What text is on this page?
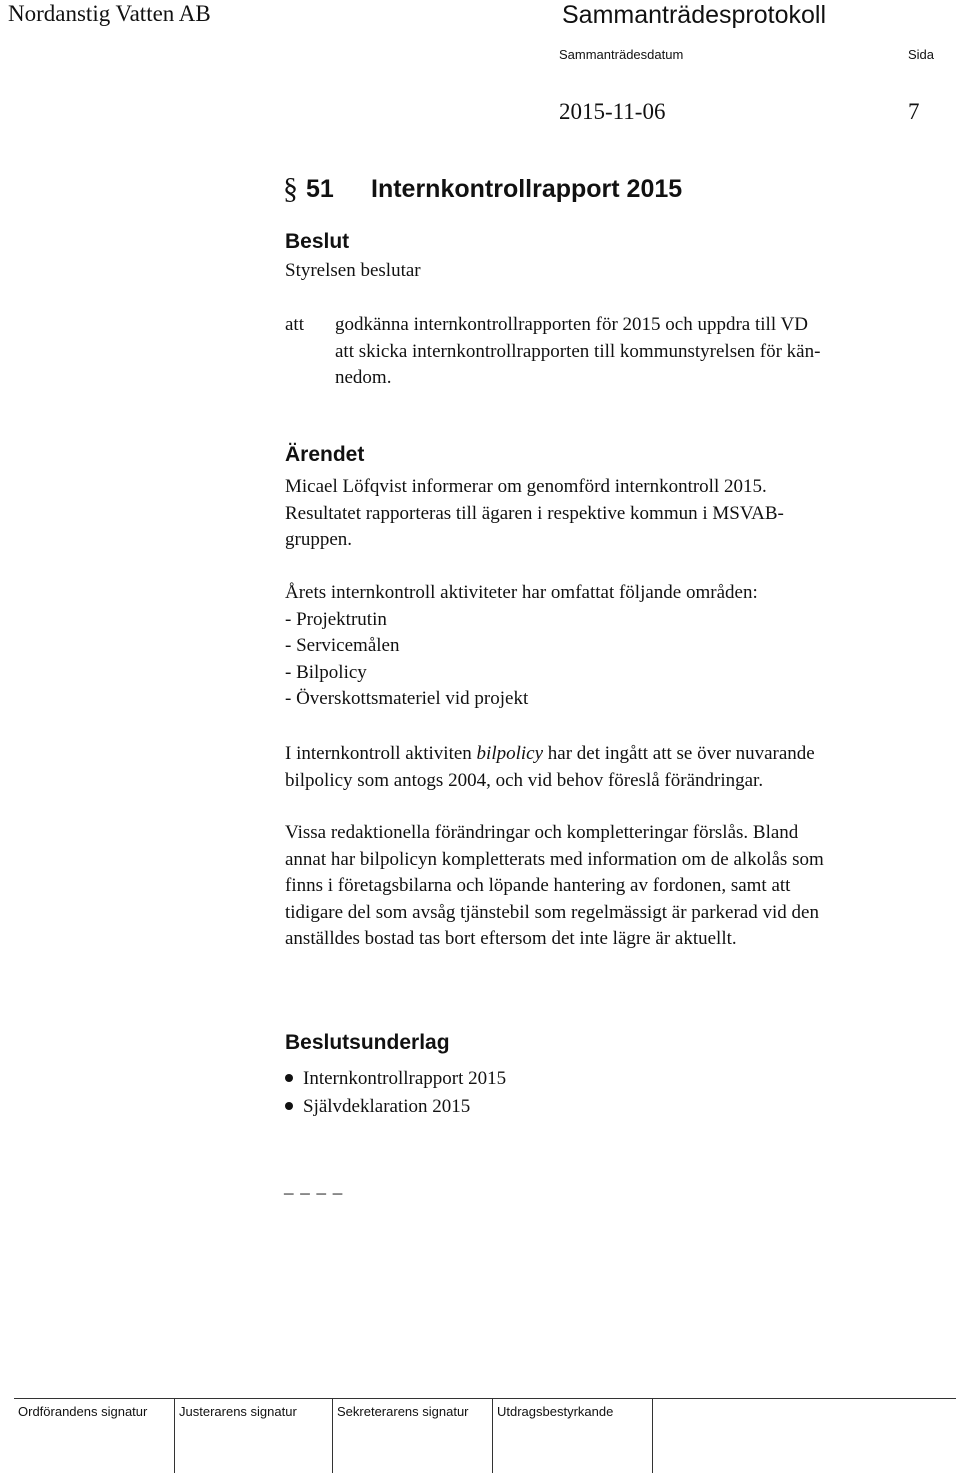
Nordanstig Vatten AB	Sammanträdesprotokoll
Sammanträdesdatum	Sida
2015-11-06	7
§ 51 Internkontrollrapport 2015
Beslut
Styrelsen beslutar
att godkänna internkontrollrapporten för 2015 och uppdra till VD
att skicka internkontrollrapporten till kommunstyrelsen för kän-
nedom.
Ärendet
Micael Löfqvist informerar om genomförd internkontroll 2015.
Resultatet rapporteras till ägaren i respektive kommun i MSVAB-
gruppen.
Årets internkontroll aktiviteter har omfattat följande områden:
- Projektrutin
- Servicemålen
- Bilpolicy
- Överskottsmateriel vid projekt
I internkontroll aktiviten bilpolicy har det ingått att se över nuvarande
bilpolicy som antogs 2004, och vid behov föreslå förändringar.
Vissa redaktionella förändringar och kompletteringar förslås. Bland
annat har bilpolicyn kompletterats med information om de alkolås som
finns i företagsbilarna och löpande hantering av fordonen, samt att
tidigare del som avsåg tjänstebil som regelmässigt är parkerad vid den
anställdes bostad tas bort eftersom det inte lägre är aktuellt.
Beslutsunderlag
Internkontrollrapport 2015
Självdeklaration 2015
_ _ _ _
Ordförandens signatur Justerarens signatur	Sekreterarens signatur Utdragsbestyrkande
